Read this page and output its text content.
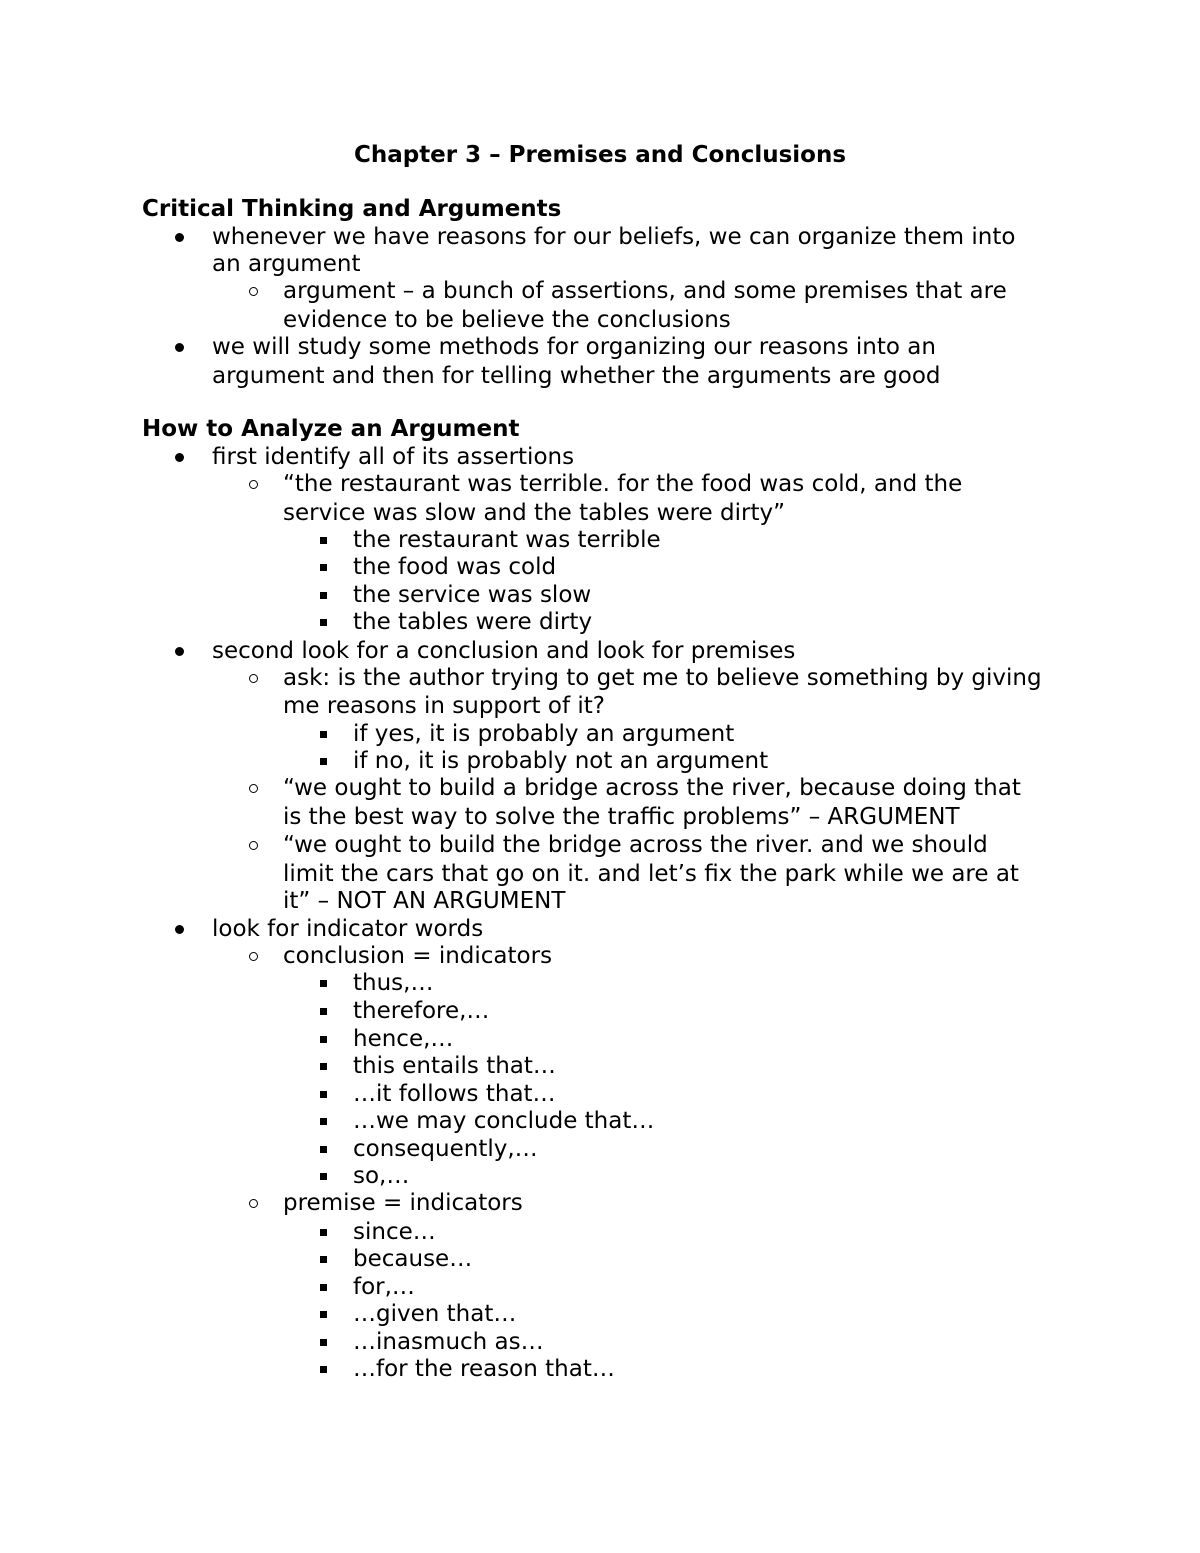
Chapter 3 – Premises and Conclusions
Critical Thinking and Arguments

whenever we have reasons for our beliefs, we can organize them into

an argument

argument – a bunch of assertions, and some premises that are

evidence to be believe the conclusions

we will study some methods for organizing our reasons into an

argument and then for telling whether the arguments are good

How to Analyze an Argument

first identify all of its assertions

“the restaurant was terrible. for the food was cold, and the

service was slow and the tables were dirty”

the restaurant was terrible

the food was cold

the service was slow

the tables were dirty

second look for a conclusion and look for premises

ask: is the author trying to get me to believe something by giving

me reasons in support of it?

if yes, it is probably an argument

if no, it is probably not an argument

“we ought to build a bridge across the river, because doing that

is the best way to solve the traffic problems” – ARGUMENT

“we ought to build the bridge across the river. and we should

limit the cars that go on it. and let’s fix the park while we are at

it” – NOT AN ARGUMENT

look for indicator words

conclusion = indicators

thus,…

therefore,…

hence,…

this entails that…

…it follows that…

…we may conclude that…

consequently,…

so,…

premise = indicators

since…

because…

for,…

…given that…

…inasmuch as…

…for the reason that…
